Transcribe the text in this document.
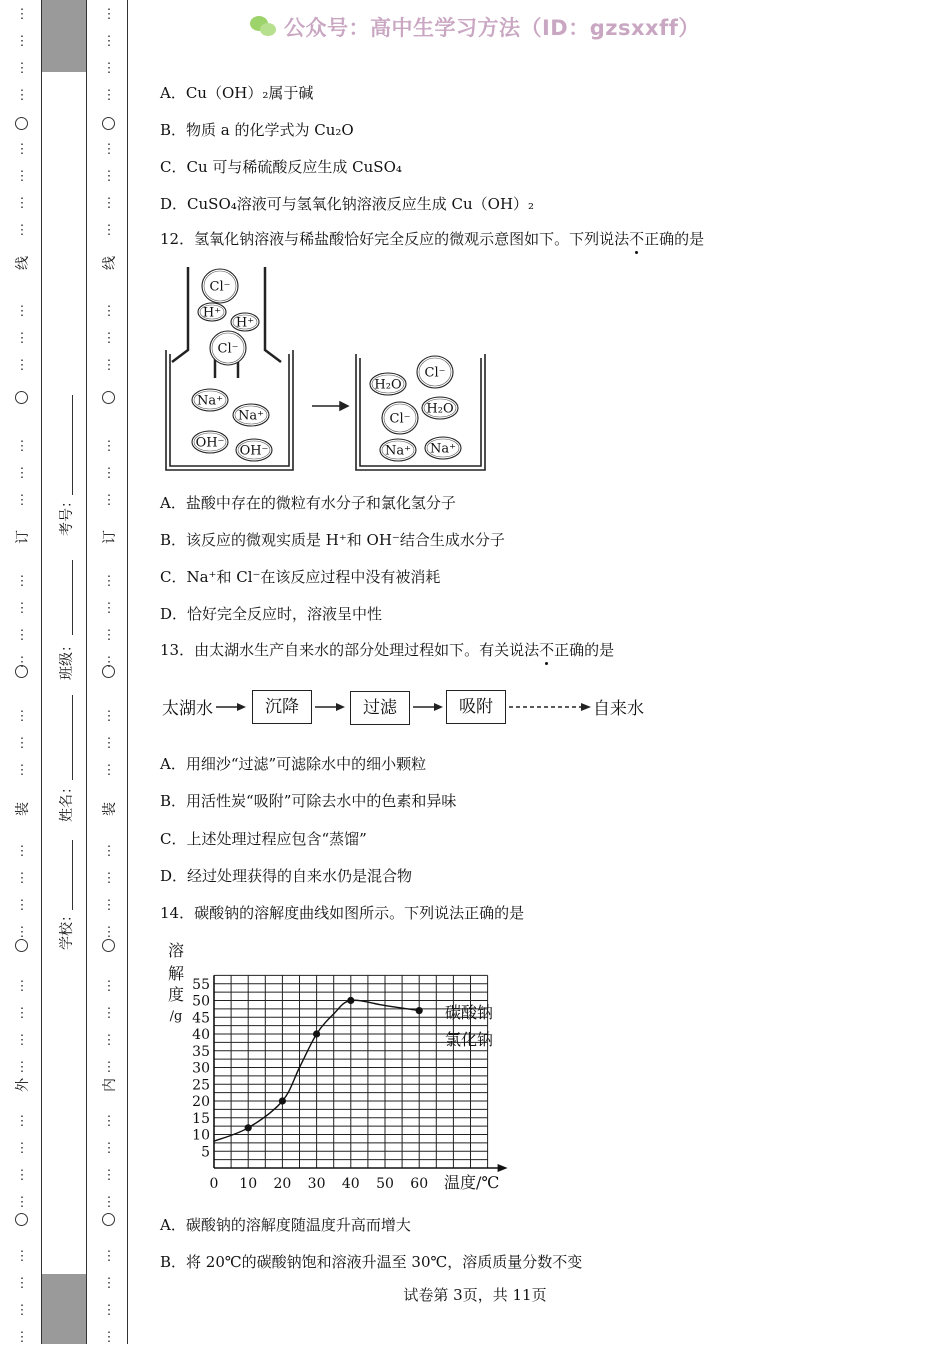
⋮
⋮
⋮
⋮
⋮
⋮
⋮
⋮
⋮
⋮
⋮
⋮
⋮
⋮
⋮
⋮
⋮
⋮
⋮
⋮
⋮
⋮
⋮
⋮
⋮
⋮
⋮
⋮
⋮
⋮
⋮
⋮
⋮
⋮
⋮
⋮
⋮
线
订
装
外
⋮
⋮
⋮
⋮
⋮
⋮
⋮
⋮
⋮
⋮
⋮
⋮
⋮
⋮
⋮
⋮
⋮
⋮
⋮
⋮
⋮
⋮
⋮
⋮
⋮
⋮
⋮
⋮
⋮
⋮
⋮
⋮
⋮
⋮
⋮
⋮
⋮
线
订
装
内
考号：
班级：
姓名：
学校：
公众号：高中生学习方法（ID：gzsxxff）
A．Cu（OH）₂属于碱
B．物质 a 的化学式为 Cu₂O
C．Cu 可与稀硫酸反应生成 CuSO₄
D．CuSO₄溶液可与氢氧化钠溶液反应生成 Cu（OH）₂
12．氢氧化钠溶液与稀盐酸恰好完全反应的微观示意图如下。下列说法不正确的是
Cl⁻
H⁺
H⁺
Cl⁻
Na⁺
Na⁺
OH⁻
OH⁻
H₂O
Cl⁻
Cl⁻
H₂O
Na⁺ Na⁺
A．盐酸中存在的微粒有水分子和氯化氢分子
B．该反应的微观实质是 H⁺和 OH⁻结合生成水分子
C．Na⁺和 Cl⁻在该反应过程中没有被消耗
D．恰好完全反应时，溶液呈中性
13．由太湖水生产自来水的部分处理过程如下。有关说法不正确的是
太湖水	沉降	过滤	吸附	自来水
A．用细沙“过滤”可滤除水中的细小颗粒
B．用活性炭“吸附”可除去水中的色素和异味
C．上述处理过程应包含“蒸馏”
D．经过处理获得的自来水仍是混合物
14．碳酸钠的溶解度曲线如图所示。下列说法正确的是
0 10 20 30 40 50 60
5
10
15
20
25
30
35
40
45
50
55
溶
解
度
/g
温度/℃
碳酸钠
氯化钠
A．碳酸钠的溶解度随温度升高而增大
B．将 20℃的碳酸钠饱和溶液升温至 30℃，溶质质量分数不变
试卷第 3页，共 11页
